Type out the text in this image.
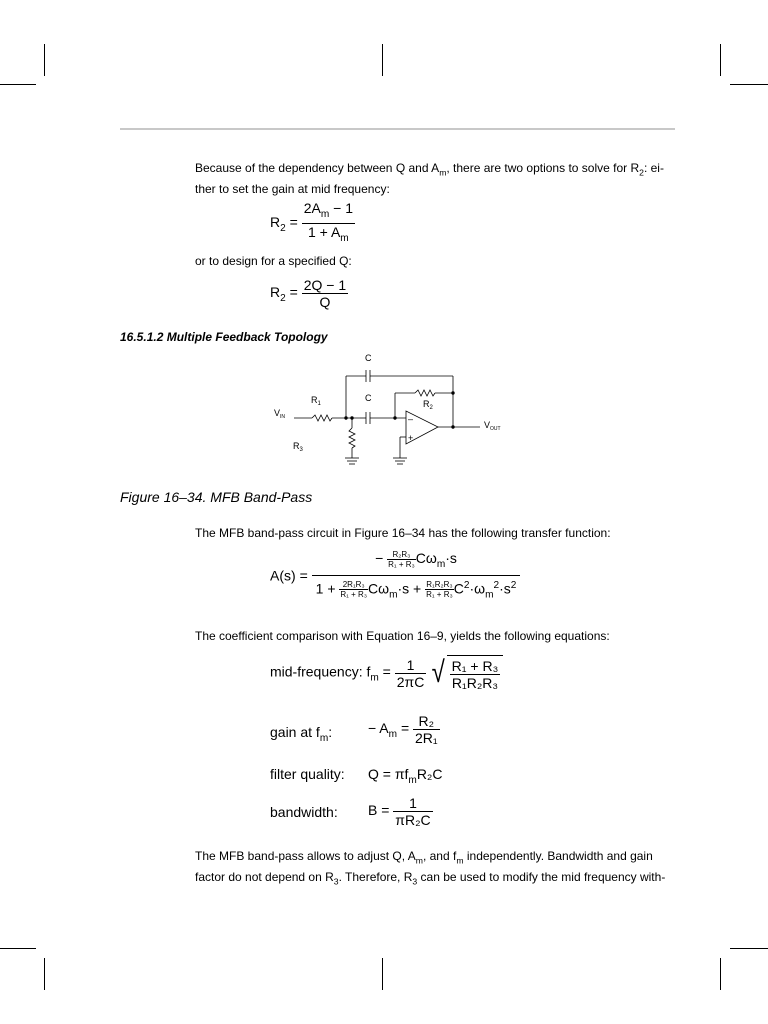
Because of the dependency between Q and $A_m$, there are two options to solve for $R_2$: ei-ther to set the gain at mid frequency:
$R_2 = \frac{2A_m - 1}{1 + A_m}$
or to design for a specified Q:
$R_2 = \frac{2Q - 1}{Q}$
16.5.1.2 Multiple Feedback Topology
C
C
$R_1$	$R_2$
$R_3$
$V_{IN}$
$V_{OUT}$
–
+
Figure 16–34. MFB Band-Pass
The MFB band-pass circuit in Figure 16–34 has the following transfer function:
$A(s) = \frac{- \frac{\text{R₂R₃}}{\text{R₁ + R₃}} C\omega_m\cdot s}{1 + \frac{\text{2R₁R₃}}{\text{R₁ + R₃}} C\omega_m\cdot s + \frac{\text{R₁R₂R₃}}{\text{R₁ + R₃}} C^2\cdot\omega_m^2\cdot s^2}$
The coefficient comparison with Equation 16–9, yields the following equations:
mid-frequency: $f_m = \frac{1}{2\pi C}$ √ $\frac{\text{R₁ + R₃}}{\text{R₁R₂R₃}}$
gain at $f_m$:	− $A_m = \frac{\text{R₂}}{\text{2R₁}}$
filter quality: $Q = \pi f_mR_2C$
bandwidth: $B = \frac{1}{\text{πR₂C}}$
The MFB band-pass allows to adjust Q, $A_m$, and $f_m$ independently. Bandwidth and gain factor do not depend on $R_3$. Therefore, $R_3$ can be used to modify the mid frequency with-
